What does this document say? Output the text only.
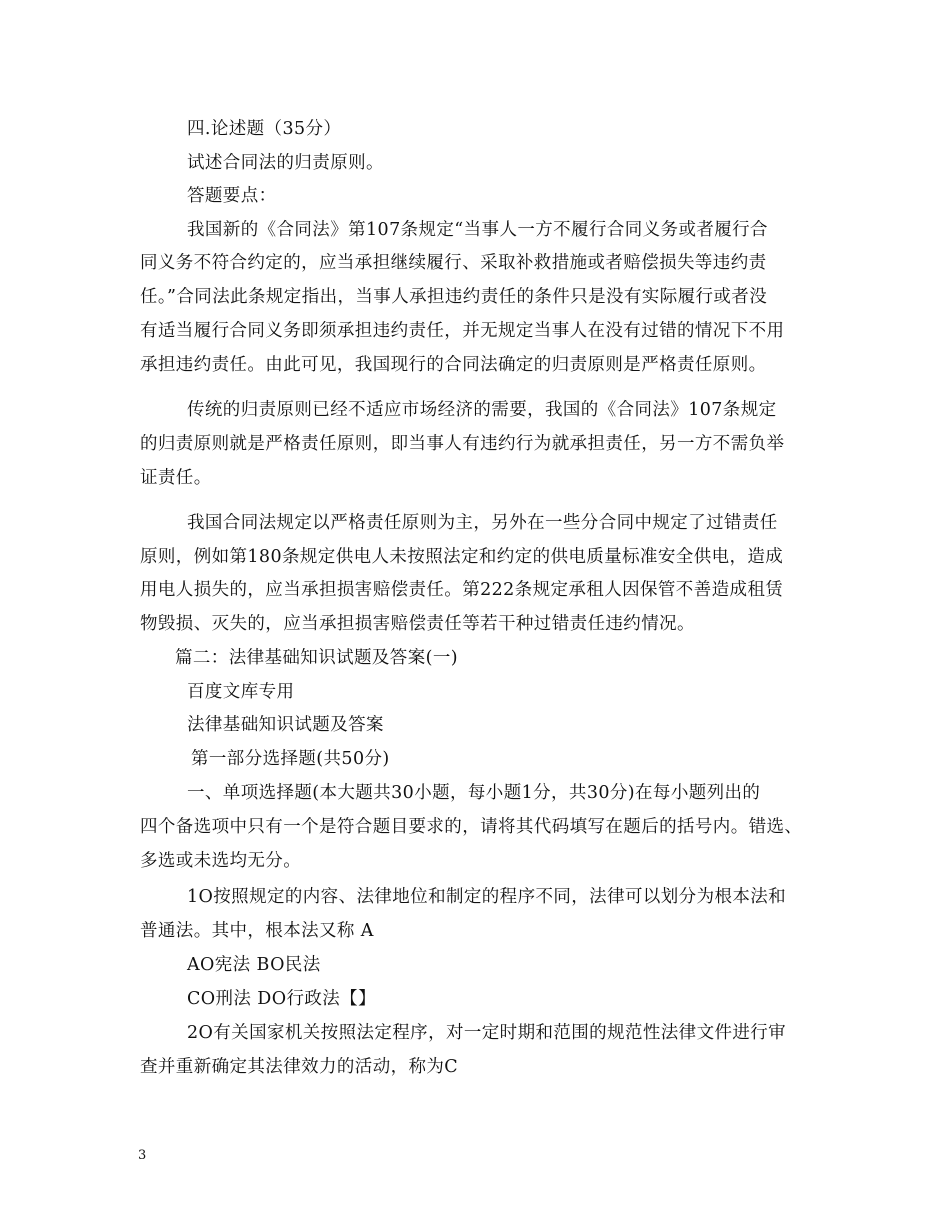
四.论述题（35分）
试述合同法的归责原则。
答题要点：
我国新的《合同法》第107条规定“当事人一方不履行合同义务或者履行合
同义务不符合约定的，应当承担继续履行、采取补救措施或者赔偿损失等违约责
任。”合同法此条规定指出，当事人承担违约责任的条件只是没有实际履行或者没
有适当履行合同义务即须承担违约责任，并无规定当事人在没有过错的情况下不用
承担违约责任。由此可见，我国现行的合同法确定的归责原则是严格责任原则。
传统的归责原则已经不适应市场经济的需要，我国的《合同法》107条规定
的归责原则就是严格责任原则，即当事人有违约行为就承担责任，另一方不需负举
证责任。
我国合同法规定以严格责任原则为主，另外在一些分合同中规定了过错责任
原则，例如第180条规定供电人未按照法定和约定的供电质量标准安全供电，造成
用电人损失的，应当承担损害赔偿责任。第222条规定承租人因保管不善造成租赁
物毁损、灭失的，应当承担损害赔偿责任等若干种过错责任违约情况。
篇二：法律基础知识试题及答案(一)
百度文库专用
法律基础知识试题及答案
第一部分选择题(共50分)
一、单项选择题(本大题共30小题，每小题1分，共30分)在每小题列出的
四个备选项中只有一个是符合题目要求的，请将其代码填写在题后的括号内。错选、
多选或未选均无分。
1O按照规定的内容、法律地位和制定的程序不同，法律可以划分为根本法和
普通法。其中，根本法又称 A
AO宪法 BO民法
CO刑法 DO行政法【】
2O有关国家机关按照法定程序，对一定时期和范围的规范性法律文件进行审
查并重新确定其法律效力的活动，称为C
3
